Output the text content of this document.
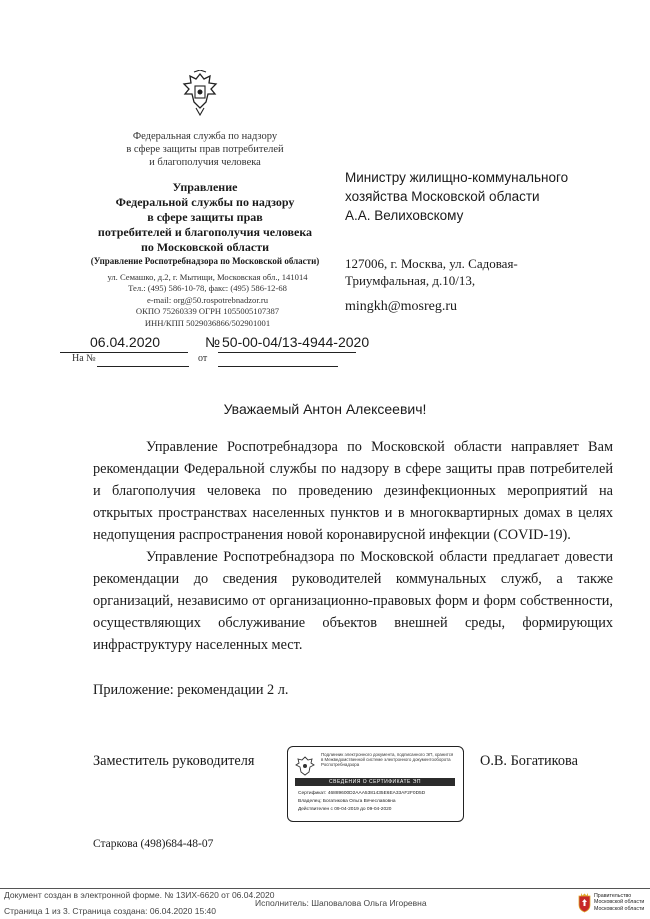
Федеральная служба по надзору
в сфере защиты прав потребителей
и благополучия человека
Управление
Федеральной службы по надзору
в сфере защиты прав
потребителей и благополучия человека
по Московской области
(Управление Роспотребнадзора по Московской области)
ул. Семашко, д.2, г. Мытищи, Московская обл., 141014
Тел.: (495) 586-10-78, факс: (495) 586-12-68
e-mail: org@50.rospotrebnadzor.ru
ОКПО 75260339 ОГРН 1055005107387
ИНН/КПП 5029036866/502901001
Министру жилищно-коммунального
хозяйства Московской области
А.А. Велиховскому
127006, г. Москва, ул. Садовая-
Триумфальная, д.10/13,
mingkh@mosreg.ru
06.04.2020	№ 50-00-04/13-4944-2020
На №	от
Уважаемый Антон Алексеевич!

Управление Роспотребнадзора по Московской области направляет Вам рекомендации Федеральной службы по надзору в сфере защиты прав потребителей и благополучия человека по проведению дезинфекционных мероприятий на открытых пространствах населенных пунктов и в многоквартирных домах в целях недопущения распространения новой коронавирусной инфекции (COVID-19).

Управление Роспотребнадзора по Московской области предлагает довести рекомендации до сведения руководителей коммунальных служб, а также организаций, независимо от организационно-правовых форм и форм собственности, осуществляющих обслуживание объектов внешней среды, формирующих инфраструктуру населенных мест.

Приложение: рекомендации 2 л.
Заместитель руководителя	О.В. Богатикова
Подлинник электронного документа, подписанного ЭП, хранится в Межведомственной системе электронного документооборота Роспотребнадзора
СВЕДЕНИЯ О СЕРТИФИКАТЕ ЭП
Сертификат: 46889600D2AAA5381435E6EA33AF2F0D5D
Владелец: Богатикова Ольга Вячеславовна
Действителен с 09-04-2019 до 09-04-2020
Старкова (498)684-48-07
Документ создан в электронной форме. № 13ИХ-6620 от 06.04.2020
Исполнитель: Шаповалова Ольга Игоревна
Страница 1 из 3. Страница создана: 06.04.2020 15:40
Правительство
Московской области
Московской области
